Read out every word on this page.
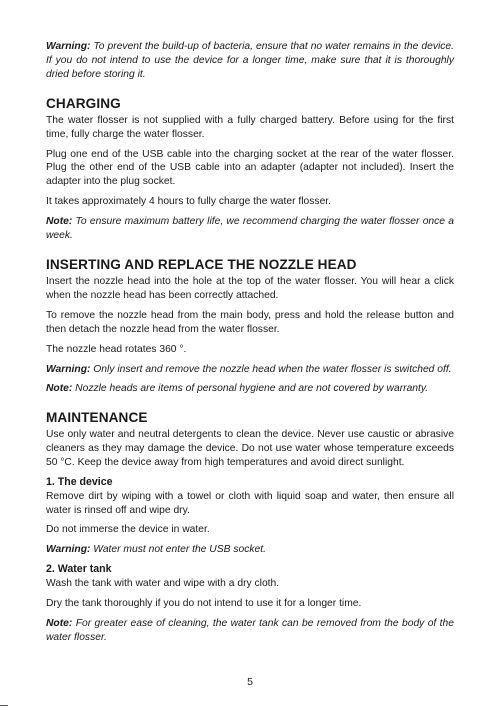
Warning: To prevent the build-up of bacteria, ensure that no water remains in the device. If you do not intend to use the device for a longer time, make sure that it is thoroughly dried before storing it.

CHARGING

The water flosser is not supplied with a fully charged battery. Before using for the first time, fully charge the water flosser.

Plug one end of the USB cable into the charging socket at the rear of the water flosser. Plug the other end of the USB cable into an adapter (adapter not included). Insert the adapter into the plug socket.

It takes approximately 4 hours to fully charge the water flosser.

Note: To ensure maximum battery life, we recommend charging the water flosser once a week.

INSERTING AND REPLACE THE NOZZLE HEAD

Insert the nozzle head into the hole at the top of the water flosser. You will hear a click when the nozzle head has been correctly attached.

To remove the nozzle head from the main body, press and hold the release button and then detach the nozzle head from the water flosser.

The nozzle head rotates 360 °.

Warning: Only insert and remove the nozzle head when the water flosser is switched off.

Note: Nozzle heads are items of personal hygiene and are not covered by warranty.

MAINTENANCE

Use only water and neutral detergents to clean the device. Never use caustic or abrasive cleaners as they may damage the device. Do not use water whose temperature exceeds 50 °C. Keep the device away from high temperatures and avoid direct sunlight.

1. The device

Remove dirt by wiping with a towel or cloth with liquid soap and water, then ensure all water is rinsed off and wipe dry.

Do not immerse the device in water.

Warning: Water must not enter the USB socket.

2. Water tank

Wash the tank with water and wipe with a dry cloth.

Dry the tank thoroughly if you do not intend to use it for a longer time.

Note: For greater ease of cleaning, the water tank can be removed from the body of the water flosser.

5
